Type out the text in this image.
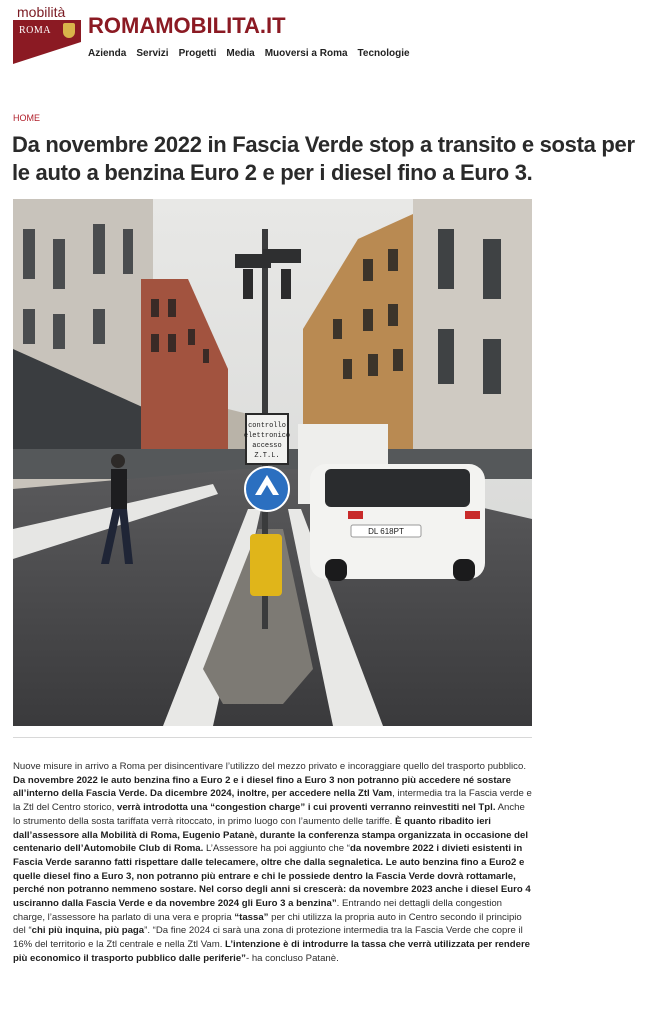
mobilità
ROMA ROMAMOBILITA.IT
Azienda Servizi Progetti Media Muoversi a Roma Tecnologie
HOME
Da novembre 2022 in Fascia Verde stop a transito e sosta per le auto a benzina Euro 2 e per i diesel fino a Euro 3.
controllo
elettronico
accesso
Z.T.L.
DL 618PT

Nuove misure in arrivo a Roma per disincentivare l’utilizzo del mezzo privato e incoraggiare quello del trasporto pubblico. Da novembre 2022 le auto benzina fino a Euro 2 e i diesel fino a Euro 3 non potranno più accedere né sostare all’interno della Fascia Verde. Da dicembre 2024, inoltre, per accedere nella Ztl Vam, intermedia tra la Fascia verde e la Ztl del Centro storico, verrà introdotta una “congestion charge” i cui proventi verranno reinvestiti nel Tpl. Anche lo strumento della sosta tariffata verrà ritoccato, in primo luogo con l’aumento delle tariffe. È quanto ribadito ieri dall’assessore alla Mobilità di Roma, Eugenio Patanè, durante la conferenza stampa organizzata in occasione del centenario dell’Automobile Club di Roma. L’Assessore ha poi aggiunto che “da novembre 2022 i divieti esistenti in Fascia Verde saranno fatti rispettare dalle telecamere, oltre che dalla segnaletica. Le auto benzina fino a Euro2 e quelle diesel fino a Euro 3, non potranno più entrare e chi le possiede dentro la Fascia Verde dovrà rottamarle, perché non potranno nemmeno sostare. Nel corso degli anni si crescerà: da novembre 2023 anche i diesel Euro 4 usciranno dalla Fascia Verde e da novembre 2024 gli Euro 3 a benzina”. Entrando nei dettagli della congestion charge, l’assessore ha parlato di una vera e propria “tassa” per chi utilizza la propria auto in Centro secondo il principio del “chi più inquina, più paga”. “Da fine 2024 ci sarà una zona di protezione intermedia tra la Fascia Verde che copre il 16% del territorio e la Ztl centrale e nella Ztl Vam. L’intenzione è di introdurre la tassa che verrà utilizzata per rendere più economico il trasporto pubblico dalle periferie”- ha concluso Patanè.
